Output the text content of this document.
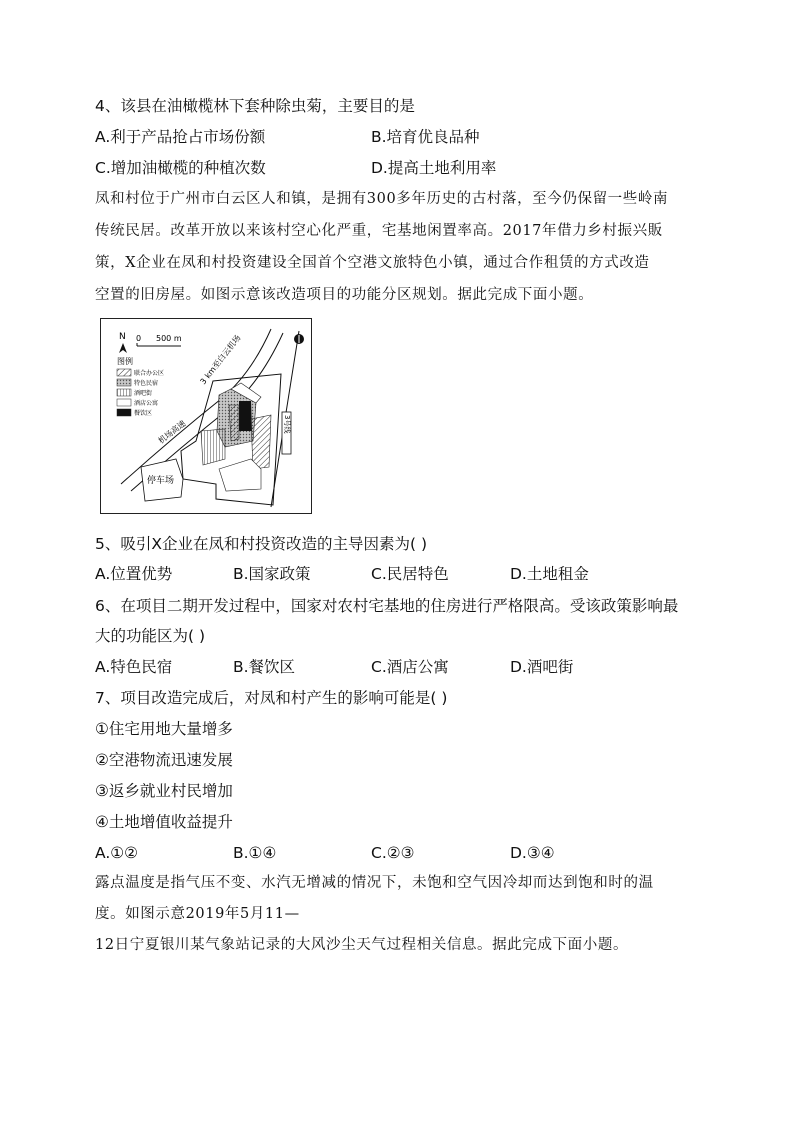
4、该县在油橄榄林下套种除虫菊，主要目的是
A.利于产品抢占市场份额	B.培育优良品种
C.增加油橄榄的种植次数	D.提高土地利用率
凤和村位于广州市白云区人和镇，是拥有300多年历史的古村落，至今仍保留一些岭南
传统民居。改革开放以来该村空心化严重，宅基地闲置率高。2017年借力乡村振兴販
策，X企业在凤和村投资建设全国首个空港文旅特色小镇，通过合作租赁的方式改造
空置的旧房屋。如图示意该改造项目的功能分区规划。据此完成下面小题。
N 0 500 m
图例
联合办公区
特色民宿
酒吧街
酒店公寓
餐饮区
3 km至白云机场
机场高速	3号线
停车场
5、吸引X企业在凤和村投资改造的主导因素为( )
A.位置优势	B.国家政策	C.民居特色	D.土地租金
6、在项目二期开发过程中，国家对农村宅基地的住房进行严格限高。受该政策影响最
大的功能区为( )
A.特色民宿	B.餐饮区	C.酒店公寓	D.酒吧街
7、项目改造完成后，对凤和村产生的影响可能是( )
①住宅用地大量增多
②空港物流迅速发展
③返乡就业村民增加
④土地增值收益提升
A.①②	B.①④	C.②③	D.③④
露点温度是指气压不变、水汽无增减的情况下，未饱和空气因冷却而达到饱和时的温
度。如图示意2019年5月11—
12日宁夏银川某气象站记录的大风沙尘天气过程相关信息。据此完成下面小题。
